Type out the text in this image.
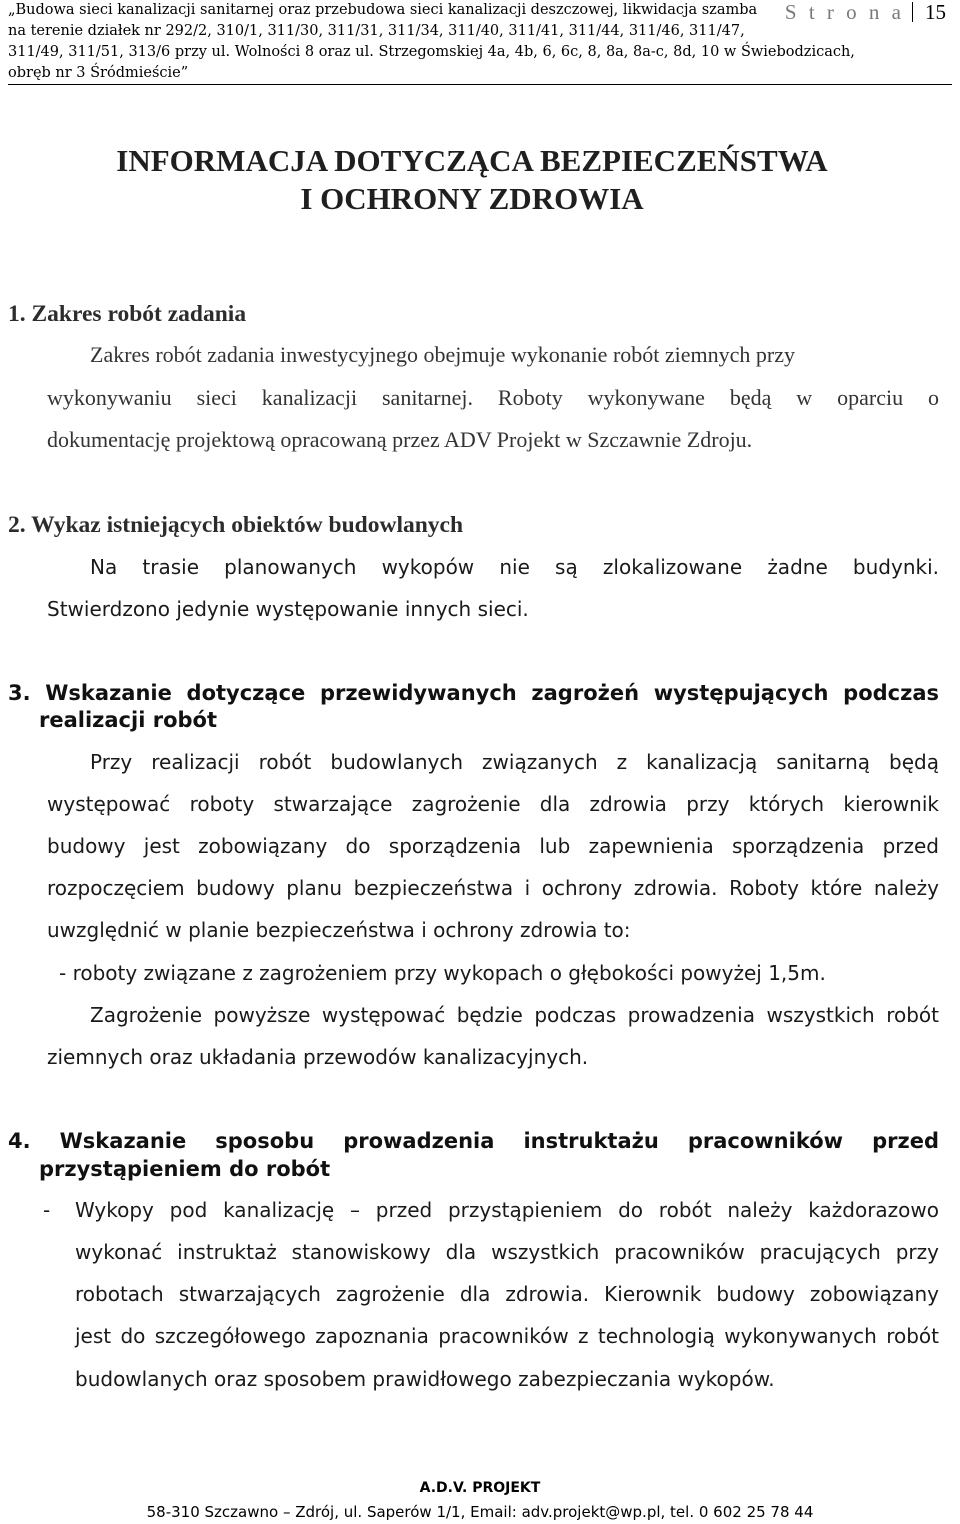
„Budowa sieci kanalizacji sanitarnej oraz przebudowa sieci kanalizacji deszczowej, likwidacja szamba
na terenie działek nr 292/2, 310/1, 311/30, 311/31, 311/34, 311/40, 311/41, 311/44, 311/46, 311/47,
311/49, 311/51, 313/6 przy ul. Wolności 8 oraz ul. Strzegomskiej 4a, 4b, 6, 6c, 8, 8a, 8a-c, 8d, 10 w Świebodzicach,
obręb nr 3 Śródmieście”
S t r o n a 15
INFORMACJA DOTYCZĄCA BEZPIECZEŃSTWA
I OCHRONY ZDROWIA
1. Zakres robót zadania
Zakres robót zadania inwestycyjnego obejmuje wykonanie robót ziemnych przy
wykonywaniu sieci kanalizacji sanitarnej. Roboty wykonywane będą w oparciu o
dokumentację projektową opracowaną przez ADV Projekt w Szczawnie Zdroju.
2. Wykaz istniejących obiektów budowlanych
Na trasie planowanych wykopów nie są zlokalizowane żadne budynki.
Stwierdzono jedynie występowanie innych sieci.
3. Wskazanie dotyczące przewidywanych zagrożeń występujących podczas
realizacji robót
Przy realizacji robót budowlanych związanych z kanalizacją sanitarną będą
występować roboty stwarzające zagrożenie dla zdrowia przy których kierownik
budowy jest zobowiązany do sporządzenia lub zapewnienia sporządzenia przed
rozpoczęciem budowy planu bezpieczeństwa i ochrony zdrowia. Roboty które należy
uwzględnić w planie bezpieczeństwa i ochrony zdrowia to:
- roboty związane z zagrożeniem przy wykopach o głębokości powyżej 1,5m.
Zagrożenie powyższe występować będzie podczas prowadzenia wszystkich robót
ziemnych oraz układania przewodów kanalizacyjnych.
4. Wskazanie sposobu prowadzenia instruktażu pracowników przed
przystąpieniem do robót
- Wykopy pod kanalizację – przed przystąpieniem do robót należy każdorazowo
wykonać instruktaż stanowiskowy dla wszystkich pracowników pracujących przy
robotach stwarzających zagrożenie dla zdrowia. Kierownik budowy zobowiązany
jest do szczegółowego zapoznania pracowników z technologią wykonywanych robót
budowlanych oraz sposobem prawidłowego zabezpieczania wykopów.
A.D.V. PROJEKT
58-310 Szczawno – Zdrój, ul. Saperów 1/1, Email: adv.projekt@wp.pl, tel. 0 602 25 78 44
